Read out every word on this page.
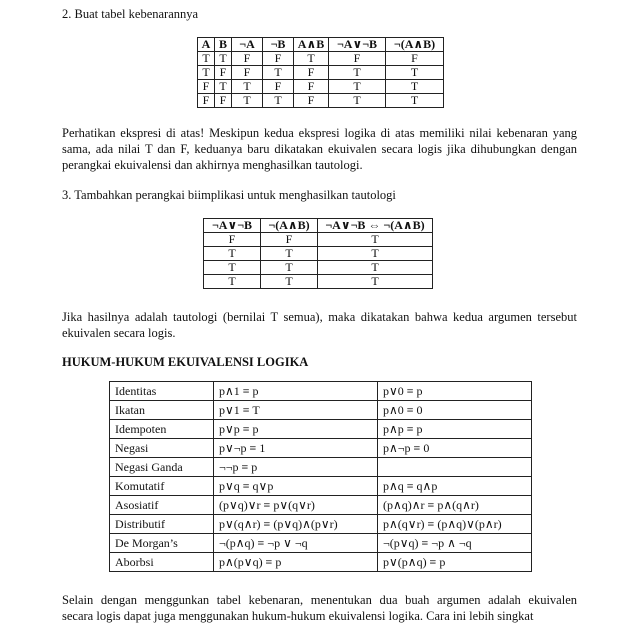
2. Buat tabel kebenarannya
A	B	¬A	¬B	A∧B	¬A∨¬B	¬(A∧B)
T	T	F	F	T	F	F
T	F	F	T	F	T	T
F	T	T	F	F	T	T
F	F	T	T	F	T	T
Perhatikan ekspresi di atas! Meskipun kedua ekspresi logika di atas memiliki nilai kebenaran yang
sama, ada nilai T dan F, keduanya baru dikatakan ekuivalen secara logis jika dihubungkan dengan
perangkai ekuivalensi dan akhirnya menghasilkan tautologi.
3. Tambahkan perangkai biimplikasi untuk menghasilkan tautologi
¬A∨¬B	¬(A∧B)	¬A∨¬B ⇔ ¬(A∧B)
F	F	T
T	T	T
T	T	T
T	T	T
Jika hasilnya adalah tautologi (bernilai T semua), maka dikatakan bahwa kedua argumen tersebut
ekuivalen secara logis.
HUKUM-HUKUM EKUIVALENSI LOGIKA
Identitas	p∧1 ≡ p	p∨0 ≡ p
Ikatan	p∨1 ≡ T	p∧0 ≡ 0
Idempoten	p∨p ≡ p	p∧p ≡ p
Negasi	p∨¬p ≡ 1	p∧¬p ≡ 0
Negasi Ganda	¬¬p ≡ p	
Komutatif	p∨q ≡ q∨p	p∧q ≡ q∧p
Asosiatif	(p∨q)∨r ≡ p∨(q∨r)	(p∧q)∧r ≡ p∧(q∧r)
Distributif	p∨(q∧r) ≡ (p∨q)∧(p∨r)	p∧(q∨r) ≡ (p∧q)∨(p∧r)
De Morgan’s	¬(p∧q) ≡ ¬p ∨ ¬q	¬(p∨q) ≡ ¬p ∧ ¬q
Aborbsi	p∧(p∨q) ≡ p	p∨(p∧q) ≡ p
Selain dengan menggunkan tabel kebenaran, menentukan dua buah argumen adalah ekuivalen
secara logis dapat juga menggunakan hukum-hukum ekuivalensi logika. Cara ini lebih singkat
